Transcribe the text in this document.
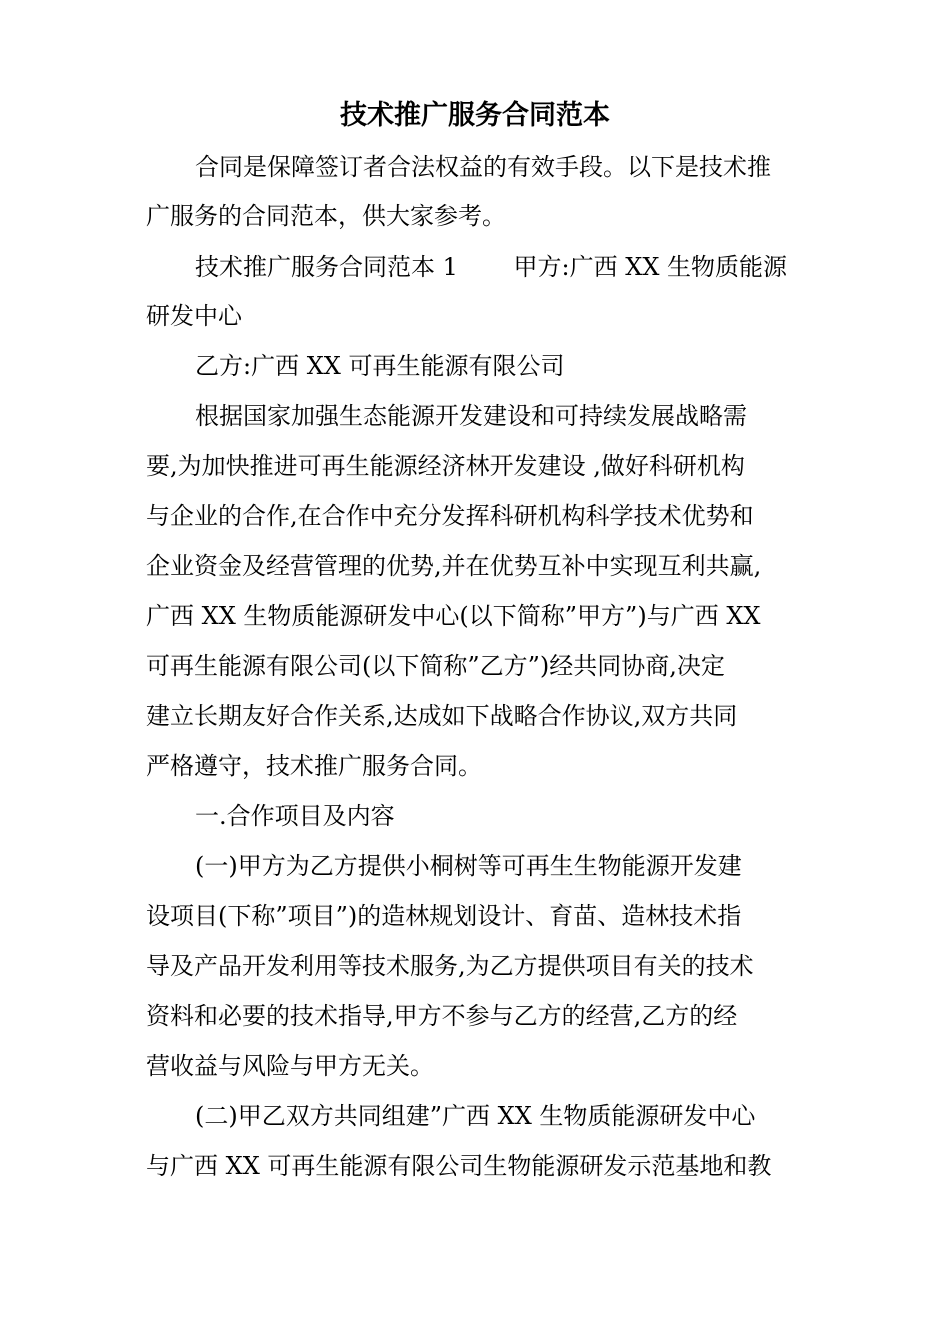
技术推广服务合同范本
合同是保障签订者合法权益的有效手段。以下是技术推
广服务的合同范本，供大家参考。
技术推广服务合同范本 1　　 甲方:广西 XX 生物质能源
研发中心
乙方:广西 XX 可再生能源有限公司
根据国家加强生态能源开发建设和可持续发展战略需
要,为加快推进可再生能源经济林开发建设 ,做好科研机构
与企业的合作,在合作中充分发挥科研机构科学技术优势和
企业资金及经营管理的优势,并在优势互补中实现互利共赢,
广西 XX 生物质能源研发中心(以下简称”甲方”)与广西 XX
可再生能源有限公司(以下简称”乙方”)经共同协商,决定
建立长期友好合作关系,达成如下战略合作协议,双方共同
严格遵守，技术推广服务合同。
一.合作项目及内容
(一)甲方为乙方提供小桐树等可再生生物能源开发建
设项目(下称”项目”)的造林规划设计、育苗、造林技术指
导及产品开发利用等技术服务,为乙方提供项目有关的技术
资料和必要的技术指导,甲方不参与乙方的经营,乙方的经
营收益与风险与甲方无关。
(二)甲乙双方共同组建”广西 XX 生物质能源研发中心
与广西 XX 可再生能源有限公司生物能源研发示范基地和教
